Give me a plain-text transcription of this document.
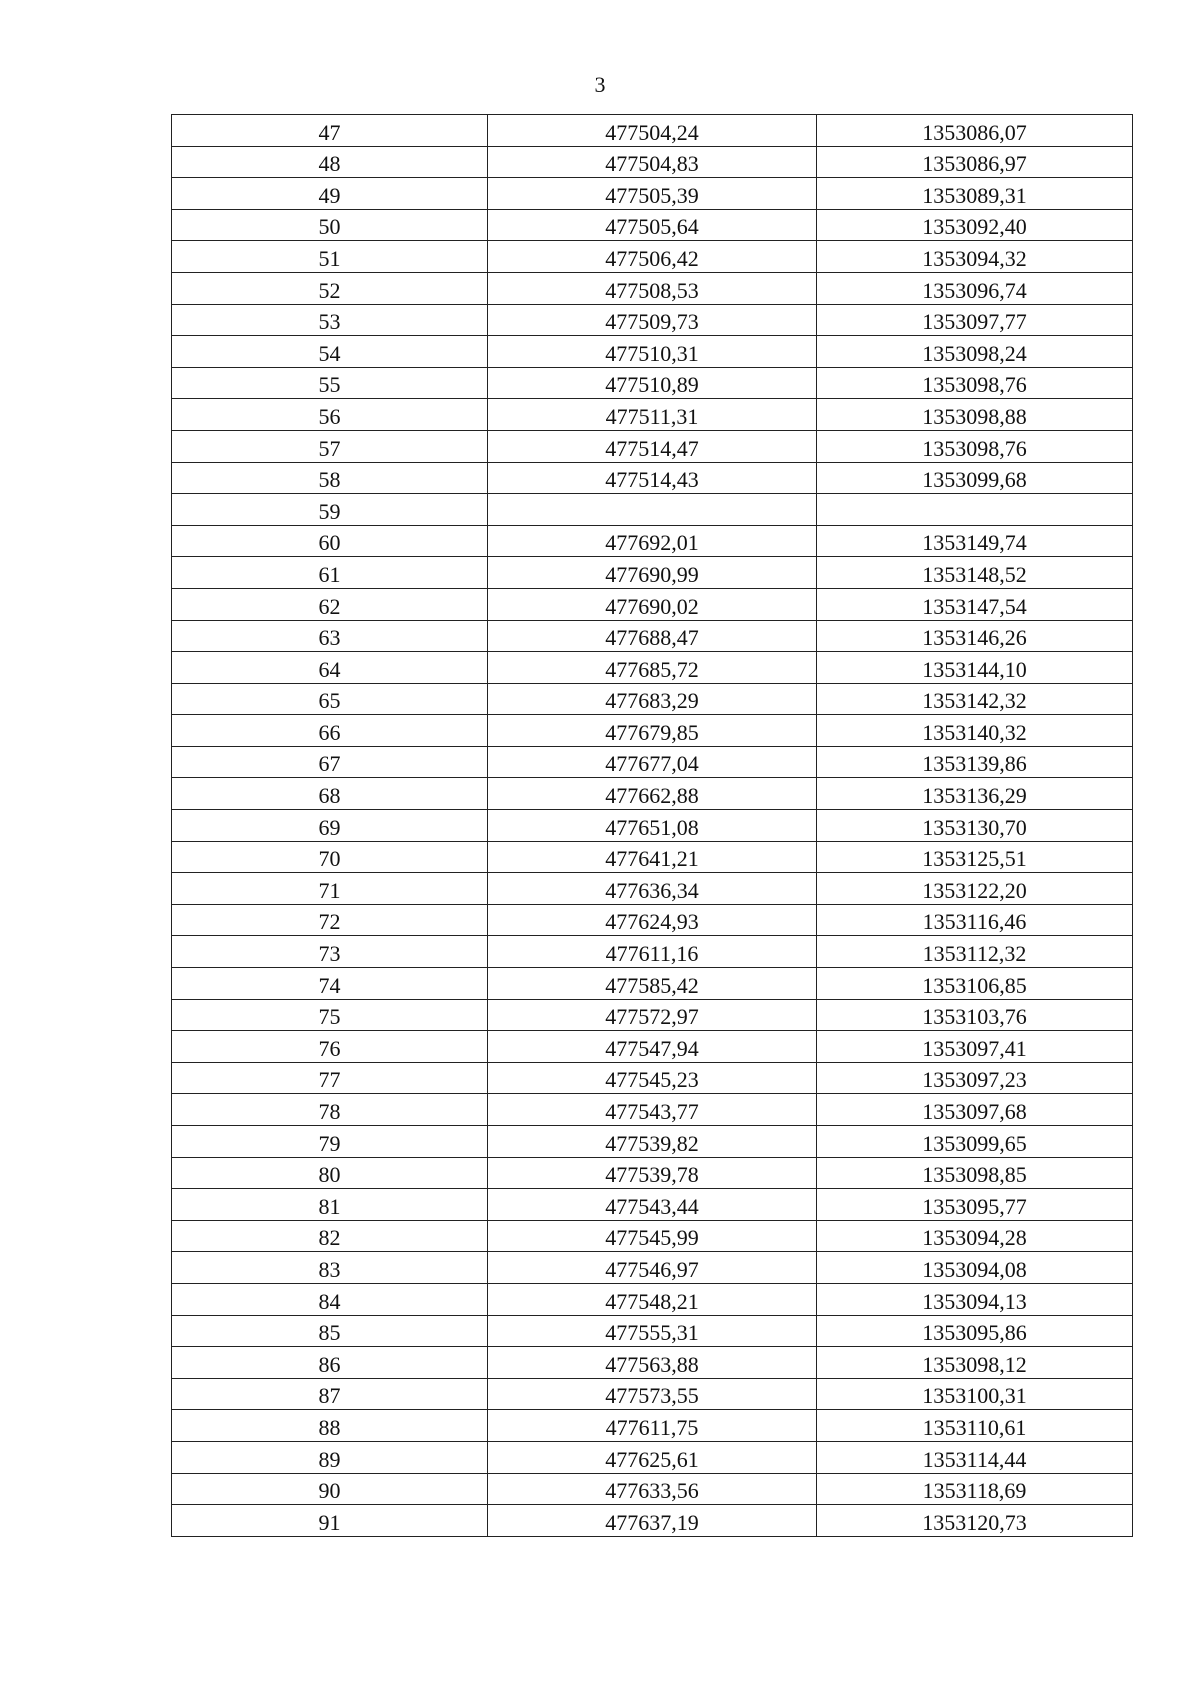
3
47	477504,24	1353086,07
48	477504,83	1353086,97
49	477505,39	1353089,31
50	477505,64	1353092,40
51	477506,42	1353094,32
52	477508,53	1353096,74
53	477509,73	1353097,77
54	477510,31	1353098,24
55	477510,89	1353098,76
56	477511,31	1353098,88
57	477514,47	1353098,76
58	477514,43	1353099,68
59		
60	477692,01	1353149,74
61	477690,99	1353148,52
62	477690,02	1353147,54
63	477688,47	1353146,26
64	477685,72	1353144,10
65	477683,29	1353142,32
66	477679,85	1353140,32
67	477677,04	1353139,86
68	477662,88	1353136,29
69	477651,08	1353130,70
70	477641,21	1353125,51
71	477636,34	1353122,20
72	477624,93	1353116,46
73	477611,16	1353112,32
74	477585,42	1353106,85
75	477572,97	1353103,76
76	477547,94	1353097,41
77	477545,23	1353097,23
78	477543,77	1353097,68
79	477539,82	1353099,65
80	477539,78	1353098,85
81	477543,44	1353095,77
82	477545,99	1353094,28
83	477546,97	1353094,08
84	477548,21	1353094,13
85	477555,31	1353095,86
86	477563,88	1353098,12
87	477573,55	1353100,31
88	477611,75	1353110,61
89	477625,61	1353114,44
90	477633,56	1353118,69
91	477637,19	1353120,73
